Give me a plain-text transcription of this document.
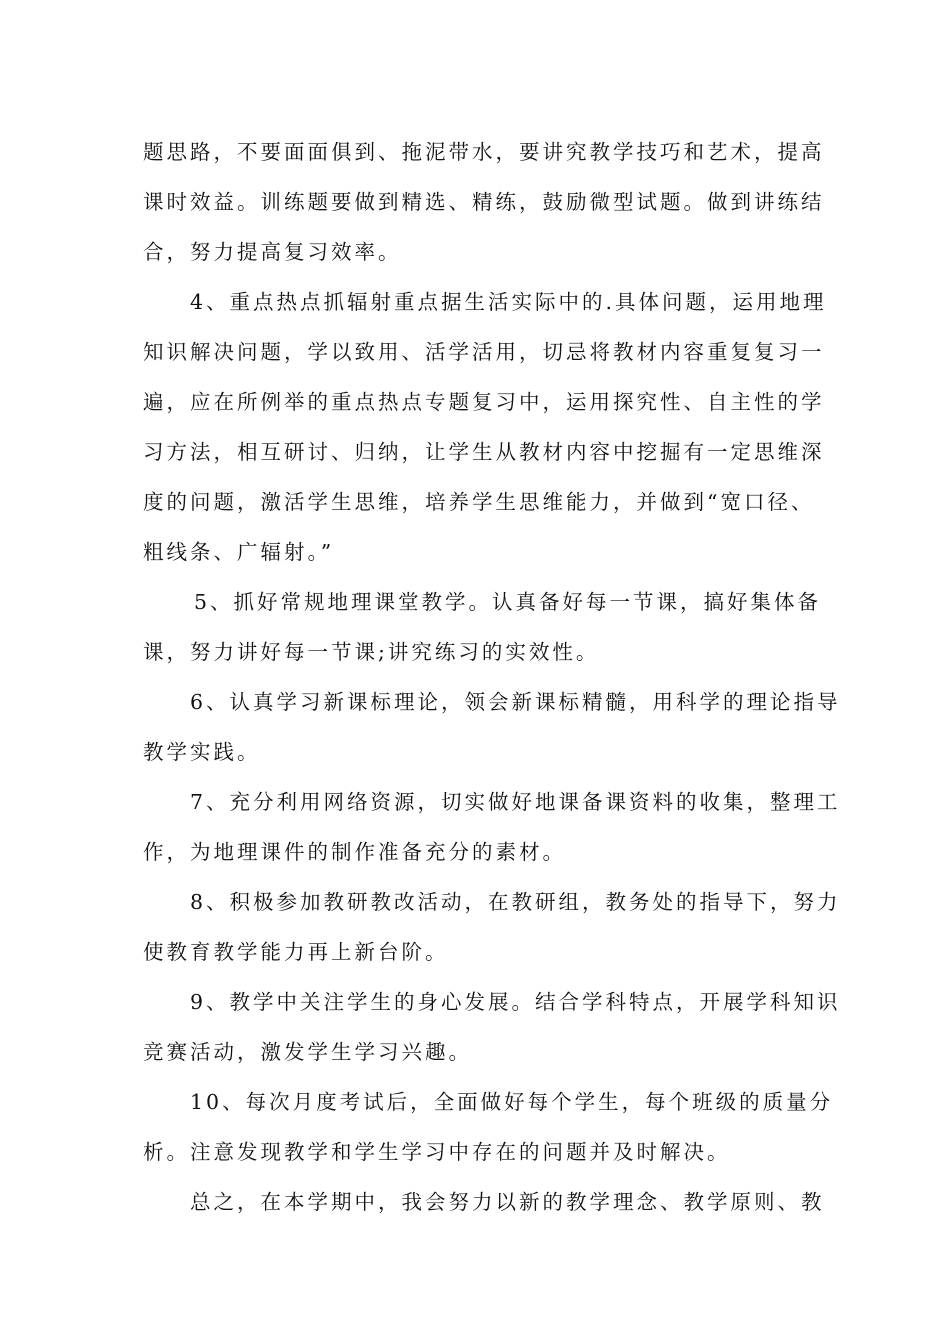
题思路，不要面面俱到、拖泥带水，要讲究教学技巧和艺术，提高
课时效益。训练题要做到精选、精练，鼓励微型试题。做到讲练结
合，努力提高复习效率。
4、重点热点抓辐射重点据生活实际中的.具体问题，运用地理
知识解决问题，学以致用、活学活用，切忌将教材内容重复复习一
遍，应在所例举的重点热点专题复习中，运用探究性、自主性的学
习方法，相互研讨、归纳，让学生从教材内容中挖掘有一定思维深
度的问题，激活学生思维，培养学生思维能力，并做到“宽口径、
粗线条、广辐射。”
5、抓好常规地理课堂教学。认真备好每一节课，搞好集体备
课，努力讲好每一节课;讲究练习的实效性。
6、认真学习新课标理论，领会新课标精髓，用科学的理论指导
教学实践。
7、充分利用网络资源，切实做好地课备课资料的收集，整理工
作，为地理课件的制作准备充分的素材。
8、积极参加教研教改活动，在教研组，教务处的指导下，努力
使教育教学能力再上新台阶。
9、教学中关注学生的身心发展。结合学科特点，开展学科知识
竞赛活动，激发学生学习兴趣。
10、每次月度考试后，全面做好每个学生，每个班级的质量分
析。注意发现教学和学生学习中存在的问题并及时解决。
总之，在本学期中，我会努力以新的教学理念、教学原则、教
